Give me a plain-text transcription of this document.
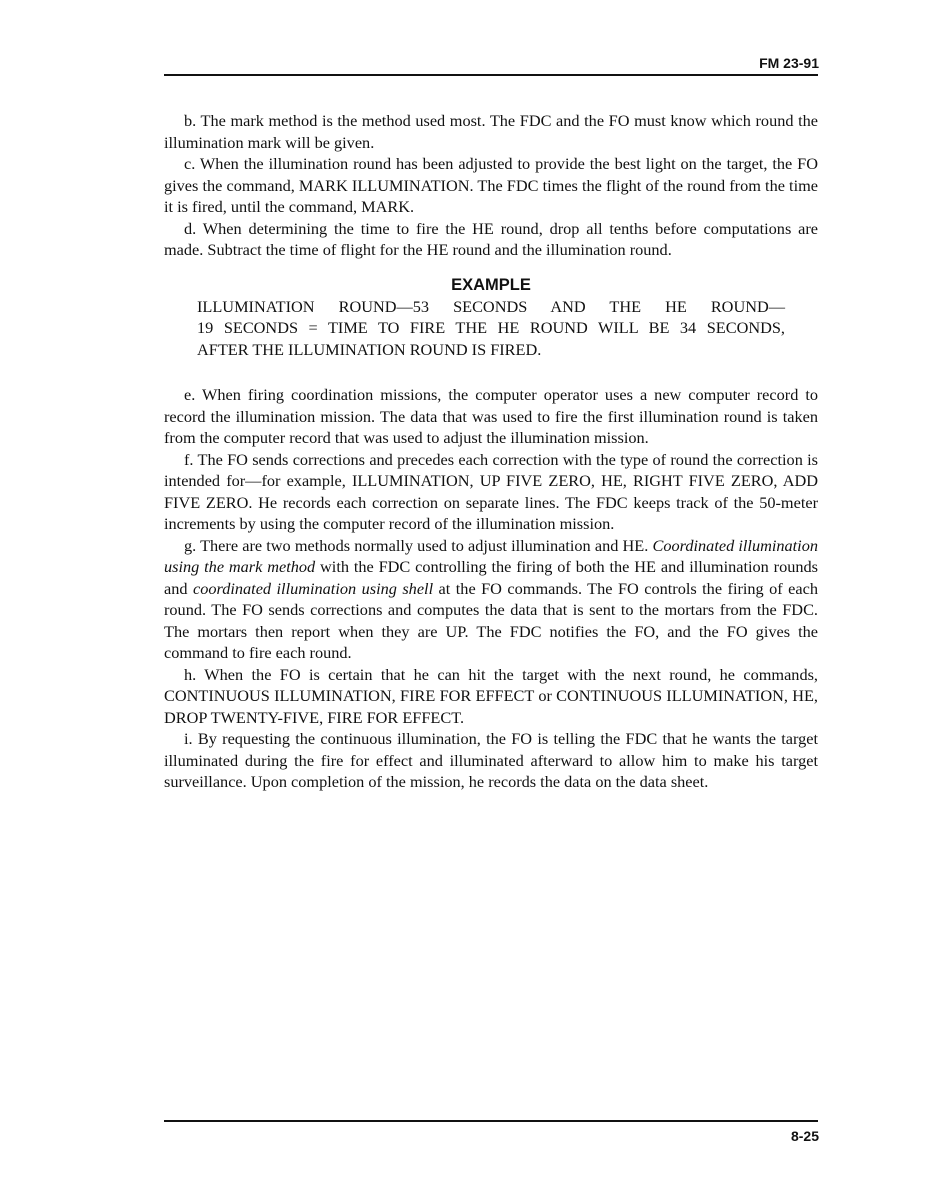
FM 23-91

b. The mark method is the method used most. The FDC and the FO must know which round the illumination mark will be given.

c. When the illumination round has been adjusted to provide the best light on the target, the FO gives the command, MARK ILLUMINATION. The FDC times the flight of the round from the time it is fired, until the command, MARK.

d. When determining the time to fire the HE round, drop all tenths before computations are made. Subtract the time of flight for the HE round and the illumination round.

EXAMPLE
ILLUMINATION ROUND—53 SECONDS AND THE HE ROUND—
19 SECONDS = TIME TO FIRE THE HE ROUND WILL BE 34 SECONDS,
AFTER THE ILLUMINATION ROUND IS FIRED.

e. When firing coordination missions, the computer operator uses a new computer record to record the illumination mission. The data that was used to fire the first illumination round is taken from the computer record that was used to adjust the illumination mission.

f. The FO sends corrections and precedes each correction with the type of round the correction is intended for—for example, ILLUMINATION, UP FIVE ZERO, HE, RIGHT FIVE ZERO, ADD FIVE ZERO. He records each correction on separate lines. The FDC keeps track of the 50-meter increments by using the computer record of the illumination mission.

g. There are two methods normally used to adjust illumination and HE. Coordinated illumination using the mark method with the FDC controlling the firing of both the HE and illumination rounds and coordinated illumination using shell at the FO commands. The FO controls the firing of each round. The FO sends corrections and computes the data that is sent to the mortars from the FDC. The mortars then report when they are UP. The FDC notifies the FO, and the FO gives the command to fire each round.

h. When the FO is certain that he can hit the target with the next round, he commands, CONTINUOUS ILLUMINATION, FIRE FOR EFFECT or CONTINUOUS ILLUMINATION, HE, DROP TWENTY-FIVE, FIRE FOR EFFECT.

i. By requesting the continuous illumination, the FO is telling the FDC that he wants the target illuminated during the fire for effect and illuminated afterward to allow him to make his target surveillance. Upon completion of the mission, he records the data on the data sheet.

8-25
